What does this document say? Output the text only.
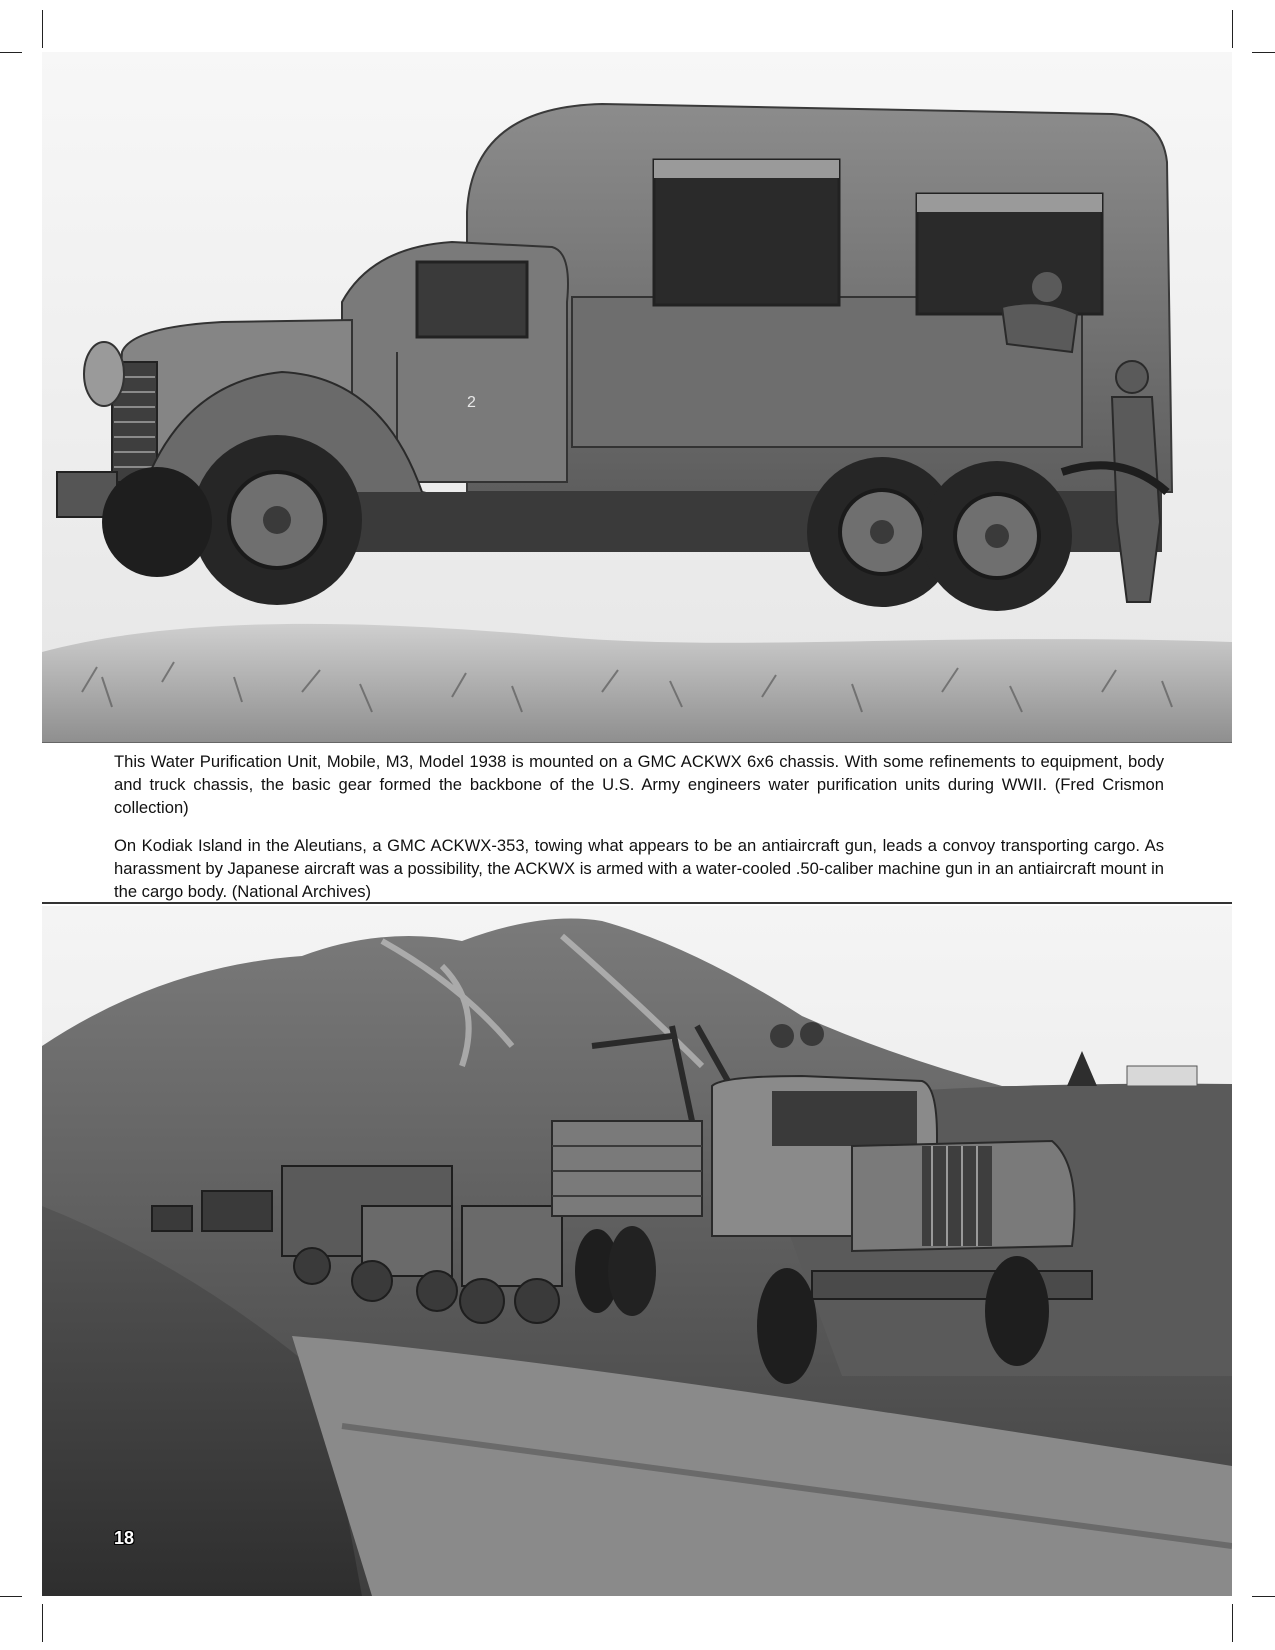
2
This Water Purification Unit, Mobile, M3, Model 1938 is mounted on a GMC ACKWX 6x6 chassis. With some refinements to equipment, body and truck chassis, the basic gear formed the backbone of the U.S. Army engineers water purification units during WWII. (Fred Crismon collection)
On Kodiak Island in the Aleutians, a GMC ACKWX-353, towing what appears to be an antiaircraft gun, leads a convoy transporting cargo. As harassment by Japanese aircraft was a possibility, the ACKWX is armed with a water-cooled .50-caliber machine gun in an antiaircraft mount in the cargo body. (National Archives)
18
